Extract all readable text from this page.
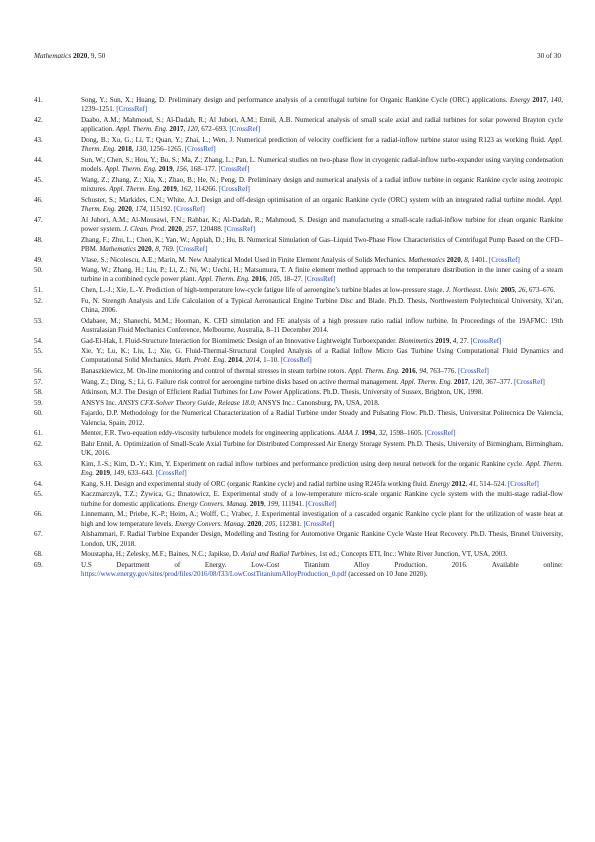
Mathematics 2020, 9, 50	30 of 30
41.	Song, Y.; Sun, X.; Huang, D. Preliminary design and performance analysis of a centrifugal turbine for Organic Rankine Cycle (ORC) applications. Energy 2017, 140, 1239–1251. [CrossRef]
42.	Daabo, A.M.; Mahmoud, S.; Al-Dadah, R.; Al Jubori, A.M.; Ennil, A.B. Numerical analysis of small scale axial and radial turbines for solar powered Brayton cycle application. Appl. Therm. Eng. 2017, 120, 672–693. [CrossRef]
43.	Dong, B.; Xu, G.; Li, T.; Quan, Y.; Zhai, L.; Wen, J. Numerical prediction of velocity coefficient for a radial-inflow turbine stator using R123 as working fluid. Appl. Therm. Eng. 2018, 130, 1256–1265. [CrossRef]
44.	Sun, W.; Chen, S.; Hou, Y.; Bu, S.; Ma, Z.; Zhang, L.; Pan, L. Numerical studies on two-phase flow in cryogenic radial-inflow turbo-expander using varying condensation models. Appl. Therm. Eng. 2019, 156, 168–177. [CrossRef]
45.	Wang, Z.; Zhang, Z.; Xia, X.; Zhao, B.; He, N.; Peng, D. Preliminary design and numerical analysis of a radial inflow turbine in organic Rankine cycle using zeotropic mixtures. Appl. Therm. Eng. 2019, 162, 114266. [CrossRef]
46.	Schuster, S.; Markides, C.N.; White, A.J. Design and off-design optimisation of an organic Rankine cycle (ORC) system with an integrated radial turbine model. Appl. Therm. Eng. 2020, 174, 115192. [CrossRef]
47.	Al Jubori, A.M.; Al-Mousawi, F.N.; Rahbar, K.; Al-Dadah, R.; Mahmoud, S. Design and manufacturing a small-scale radial-inflow turbine for clean organic Rankine power system. J. Clean. Prod. 2020, 257, 120488. [CrossRef]
48.	Zhang, F.; Zhu, L.; Chen, K.; Yan, W.; Appiah, D.; Hu, B. Numerical Simulation of Gas–Liquid Two-Phase Flow Characteristics of Centrifugal Pump Based on the CFD–PBM. Mathematics 2020, 8, 769. [CrossRef]
49.	Vlase, S.; Nicolescu, A.E.; Marin, M. New Analytical Model Used in Finite Element Analysis of Solids Mechanics. Mathematics 2020, 8, 1401. [CrossRef]
50.	Wang, W.; Zhang, H.; Liu, P.; Li, Z.; Ni, W.; Uechi, H.; Matsumura, T. A finite element method approach to the temperature distribution in the inner casing of a steam turbine in a combined cycle power plant. Appl. Therm. Eng. 2016, 105, 18–27. [CrossRef]
51.	Chen, L.-J.; Xie, L.-Y. Prediction of high-temperature low-cycle fatigue life of aeroengine’s turbine blades at low-pressure stage. J. Northeast. Univ. 2005, 26, 673–676.
52.	Fu, N. Strength Analysis and Life Calculation of a Typical Aeronautical Engine Turbine Disc and Blade. Ph.D. Thesis, Northwestern Polytechnical University, Xi’an, China, 2006.
53.	Odabaee, M.; Shanechi, M.M.; Hooman, K. CFD simulation and FE analysis of a high pressure ratio radial inflow turbine. In Proceedings of the 19AFMC: 19th Australasian Fluid Mechanics Conference, Melbourne, Australia, 8–11 December 2014.
54.	Gad-El-Hak, I. Fluid-Structure Interaction for Biomimetic Design of an Innovative Lightweight Turboexpander. Biomimetics 2019, 4, 27. [CrossRef]
55.	Xie, Y.; Lu, K.; Liu, L.; Xie, G. Fluid-Thermal-Structural Coupled Analysis of a Radial Inflow Micro Gas Turbine Using Computational Fluid Dynamics and Computational Solid Mechanics. Math. Probl. Eng. 2014, 2014, 1–10. [CrossRef]
56.	Banaszkiewicz, M. On-line monitoring and control of thermal stresses in steam turbine rotors. Appl. Therm. Eng. 2016, 94, 763–776. [CrossRef]
57.	Wang, Z.; Ding, S.; Li, G. Failure risk control for aeroengine turbine disks based on active thermal management. Appl. Therm. Eng. 2017, 120, 367–377. [CrossRef]
58.	Atkinson, M.J. The Design of Efficient Radial Turbines for Low Power Applications. Ph.D. Thesis, University of Sussex, Brighton, UK, 1998.
59.	ANSYS Inc. ANSYS CFX-Solver Theory Guide, Release 18.0; ANSYS Inc.: Canonsburg, PA, USA, 2018.
60.	Fajardo, D.P. Methodology for the Numerical Characterization of a Radial Turbine under Steady and Pulsating Flow. Ph.D. Thesis, Universitat Politecnica De Valencia, Valencia, Spain, 2012.
61.	Menter, F.R. Two-equation eddy-viscosity turbulence models for engineering applications. AIAA J. 1994, 32, 1598–1605. [CrossRef]
62.	Bahr Ennil, A. Optimization of Small-Scale Axial Turbine for Distributed Compressed Air Energy Storage System. Ph.D. Thesis, University of Birmingham, Birmingham, UK, 2016.
63.	Kim, J.-S.; Kim, D.-Y.; Kim, Y. Experiment on radial inflow turbines and performance prediction using deep neural network for the organic Rankine cycle. Appl. Therm. Eng. 2019, 149, 633–643. [CrossRef]
64.	Kang, S.H. Design and experimental study of ORC (organic Rankine cycle) and radial turbine using R245fa working fluid. Energy 2012, 41, 514–524. [CrossRef]
65.	Kaczmarczyk, T.Z.; Żywica, G.; Ihnatowicz, E. Experimental study of a low-temperature micro-scale organic Rankine cycle system with the multi-stage radial-flow turbine for domestic applications. Energy Convers. Manag. 2019, 199, 111941. [CrossRef]
66.	Linnemann, M.; Priebe, K.-P.; Heim, A.; Wolff, C.; Vrabec, J. Experimental investigation of a cascaded organic Rankine cycle plant for the utilization of waste heat at high and low temperature levels. Energy Convers. Manag. 2020, 205, 112381. [CrossRef]
67.	Alshammari, F. Radial Turbine Expander Design, Modelling and Testing for Automotive Organic Rankine Cycle Waste Heat Recovery. Ph.D. Thesis, Brunel University, London, UK, 2018.
68.	Moustapha, H.; Zelesky, M.F.; Baines, N.C.; Japikse, D. Axial and Radial Turbines, 1st ed.; Concepts ETI, Inc.: White River Junction, VT, USA, 2003.
69.	U.S Department of Energy. Low-Cost Titanium Alloy Production. 2016. Available online: https://www.energy.gov/sites/prod/files/2016/08/f33/LowCostTitaniumAlloyProduction_0.pdf (accessed on 10 June 2020).
